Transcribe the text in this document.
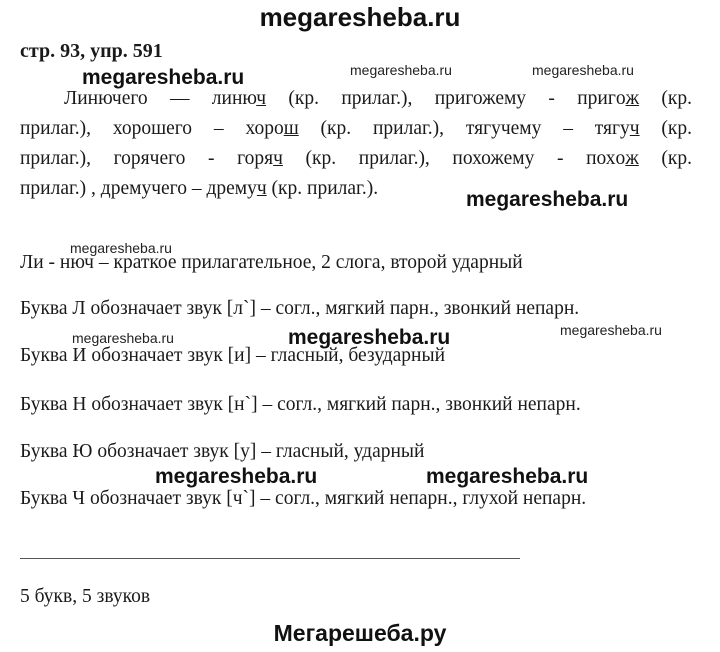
megaresheba.ru
стр. 93, упр. 591
megaresheba.ru	megaresheba.ru	megaresheba.ru
Линючего — линюч (кр. прилаг.), пригожему - пригoж (кр.
прилаг.), хорошего – хорош (кр. прилаг.), тягучему – тягуч (кр.
прилаг.), горячего - горяч (кр. прилаг.), похожему - похoж (кр.
прилаг.) , дремучего – дремуч (кр. прилаг.).	megaresheba.ru
megaresheba.ru
Ли - нюч – краткое прилагательное, 2 слога, второй ударный
Буква Л обозначает звук [л`] – согл., мягкий парн., звонкий непарн.
megaresheba.ru	megaresheba.ru	megaresheba.ru
Буква И обозначает звук [и] – гласный, безударный
Буква Н обозначает звук [н`] – согл., мягкий парн., звонкий непарн.
Буква Ю обозначает звук [у] – гласный, ударный
megaresheba.ru	megaresheba.ru
Буква Ч обозначает звук [ч`] – согл., мягкий непарн., глухой непарн.
5 букв, 5 звуков
Мегарешеба.ру
